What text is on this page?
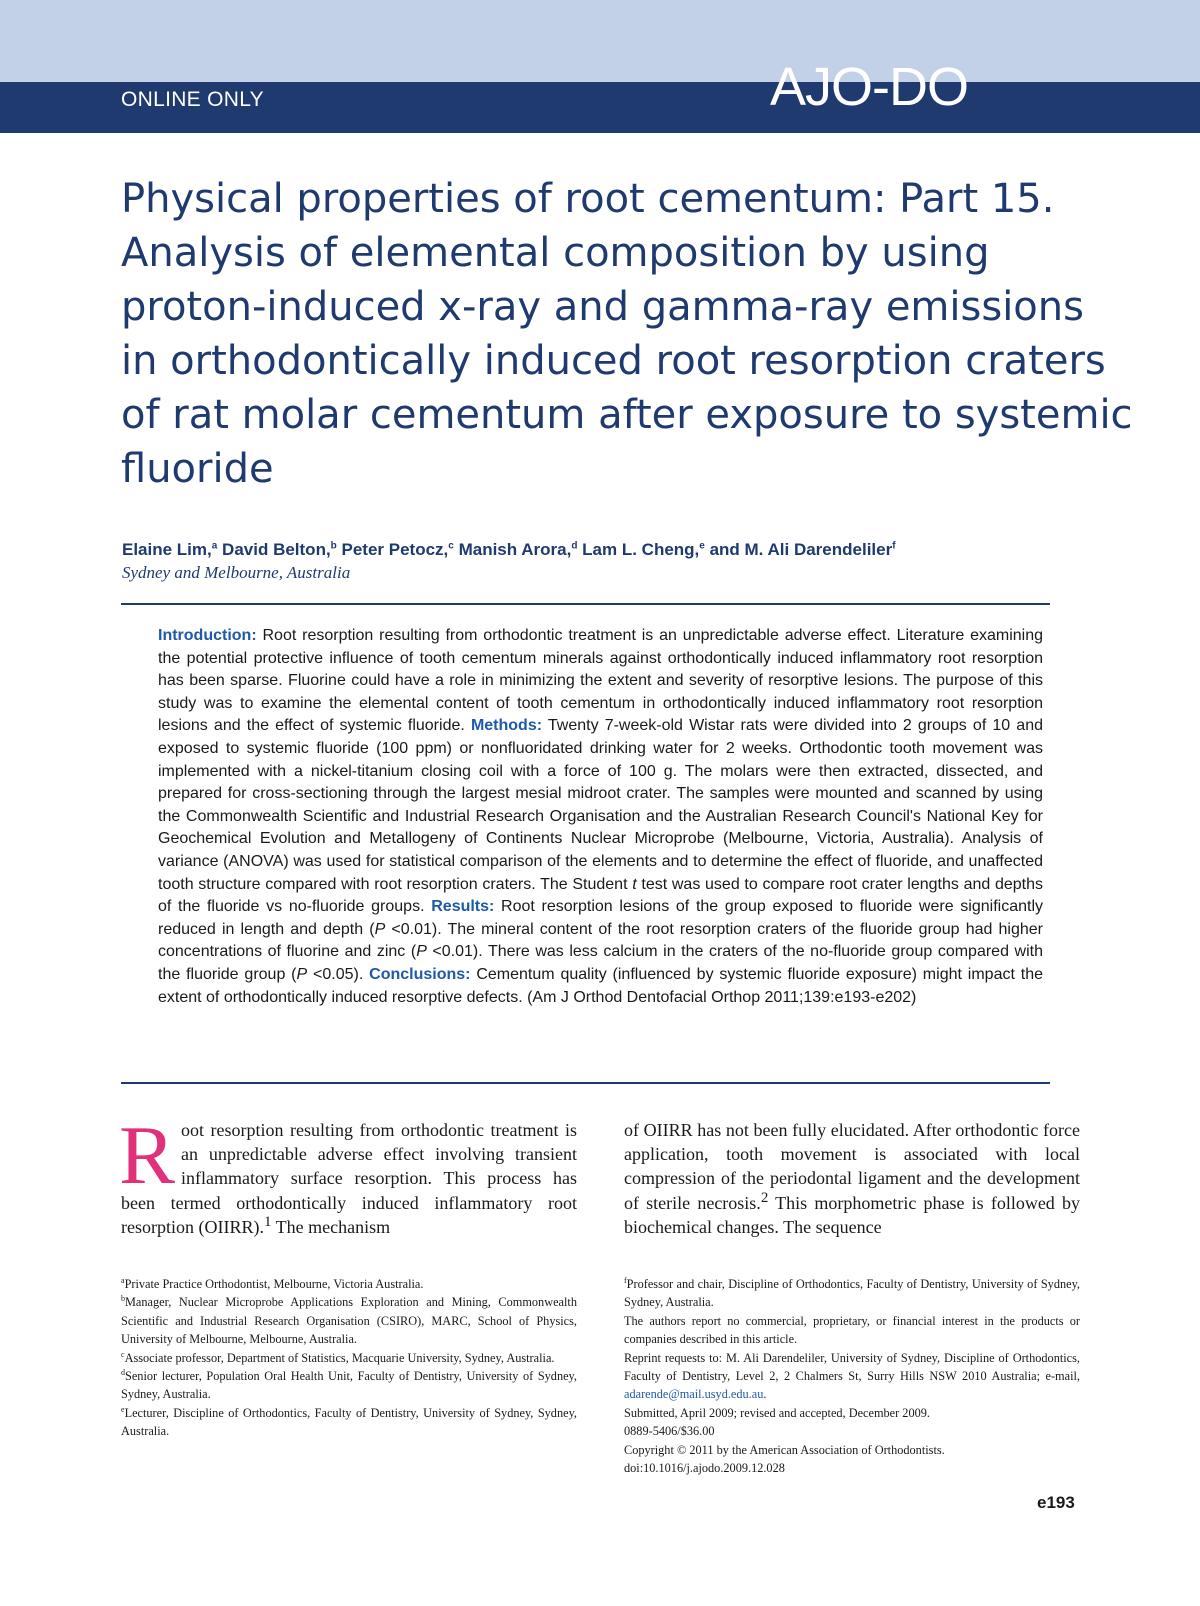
ONLINE ONLY	AJO-DO
Physical properties of root cementum: Part 15.
Analysis of elemental composition by using
proton-induced x-ray and gamma-ray emissions
in orthodontically induced root resorption craters
of rat molar cementum after exposure to systemic
fluoride
Elaine Lim,$^a$ David Belton,$^b$ Peter Petocz,$^c$ Manish Arora,$^d$ Lam L. Cheng,$^e$ and M. Ali Darendeliler$^f$
Sydney and Melbourne, Australia

Introduction: Root resorption resulting from orthodontic treatment is an unpredictable adverse effect. Literature examining the potential protective influence of tooth cementum minerals against orthodontically induced inflammatory root resorption has been sparse. Fluorine could have a role in minimizing the extent and severity of resorptive lesions. The purpose of this study was to examine the elemental content of tooth cementum in orthodontically induced inflammatory root resorption lesions and the effect of systemic fluoride. Methods: Twenty 7-week-old Wistar rats were divided into 2 groups of 10 and exposed to systemic fluoride (100 ppm) or nonfluoridated drinking water for 2 weeks. Orthodontic tooth movement was implemented with a nickel-titanium closing coil with a force of 100 g. The molars were then extracted, dissected, and prepared for cross-sectioning through the largest mesial midroot crater. The samples were mounted and scanned by using the Commonwealth Scientific and Industrial Research Organisation and the Australian Research Council's National Key for Geochemical Evolution and Metallogeny of Continents Nuclear Microprobe (Melbourne, Victoria, Australia). Analysis of variance (ANOVA) was used for statistical comparison of the elements and to determine the effect of fluoride, and unaffected tooth structure compared with root resorption craters. The Student t test was used to compare root crater lengths and depths of the fluoride vs no-fluoride groups. Results: Root resorption lesions of the group exposed to fluoride were significantly reduced in length and depth (P <0.01). The mineral content of the root resorption craters of the fluoride group had higher concentrations of fluorine and zinc (P <0.01). There was less calcium in the craters of the no-fluoride group compared with the fluoride group (P <0.05). Conclusions: Cementum quality (influenced by systemic fluoride exposure) might impact the extent of orthodontically induced resorptive defects. (Am J Orthod Dentofacial Orthop 2011;139:e193-e202)

Root resorption resulting from orthodontic treatment is an unpredictable adverse effect involving transient inflammatory surface resorption. This process has been termed orthodontically induced inflammatory root resorption (OIIRR).$^1$ The mechanism

of OIIRR has not been fully elucidated. After orthodontic force application, tooth movement is associated with local compression of the periodontal ligament and the development of sterile necrosis.$^2$ This morphometric phase is followed by biochemical changes. The sequence

$^a$Private Practice Orthodontist, Melbourne, Victoria Australia.

$^b$Manager, Nuclear Microprobe Applications Exploration and Mining, Commonwealth Scientific and Industrial Research Organisation (CSIRO), MARC, School of Physics, University of Melbourne, Melbourne, Australia.

$^c$Associate professor, Department of Statistics, Macquarie University, Sydney, Australia.

$^d$Senior lecturer, Population Oral Health Unit, Faculty of Dentistry, University of Sydney, Sydney, Australia.

$^e$Lecturer, Discipline of Orthodontics, Faculty of Dentistry, University of Sydney, Sydney, Australia.

$^f$Professor and chair, Discipline of Orthodontics, Faculty of Dentistry, University of Sydney, Sydney, Australia.

The authors report no commercial, proprietary, or financial interest in the products or companies described in this article.

Reprint requests to: M. Ali Darendeliler, University of Sydney, Discipline of Orthodontics, Faculty of Dentistry, Level 2, 2 Chalmers St, Surry Hills NSW 2010 Australia; e-mail, adarende@mail.usyd.edu.au.

Submitted, April 2009; revised and accepted, December 2009.

0889-5406/$36.00

Copyright © 2011 by the American Association of Orthodontists.

doi:10.1016/j.ajodo.2009.12.028

e193
